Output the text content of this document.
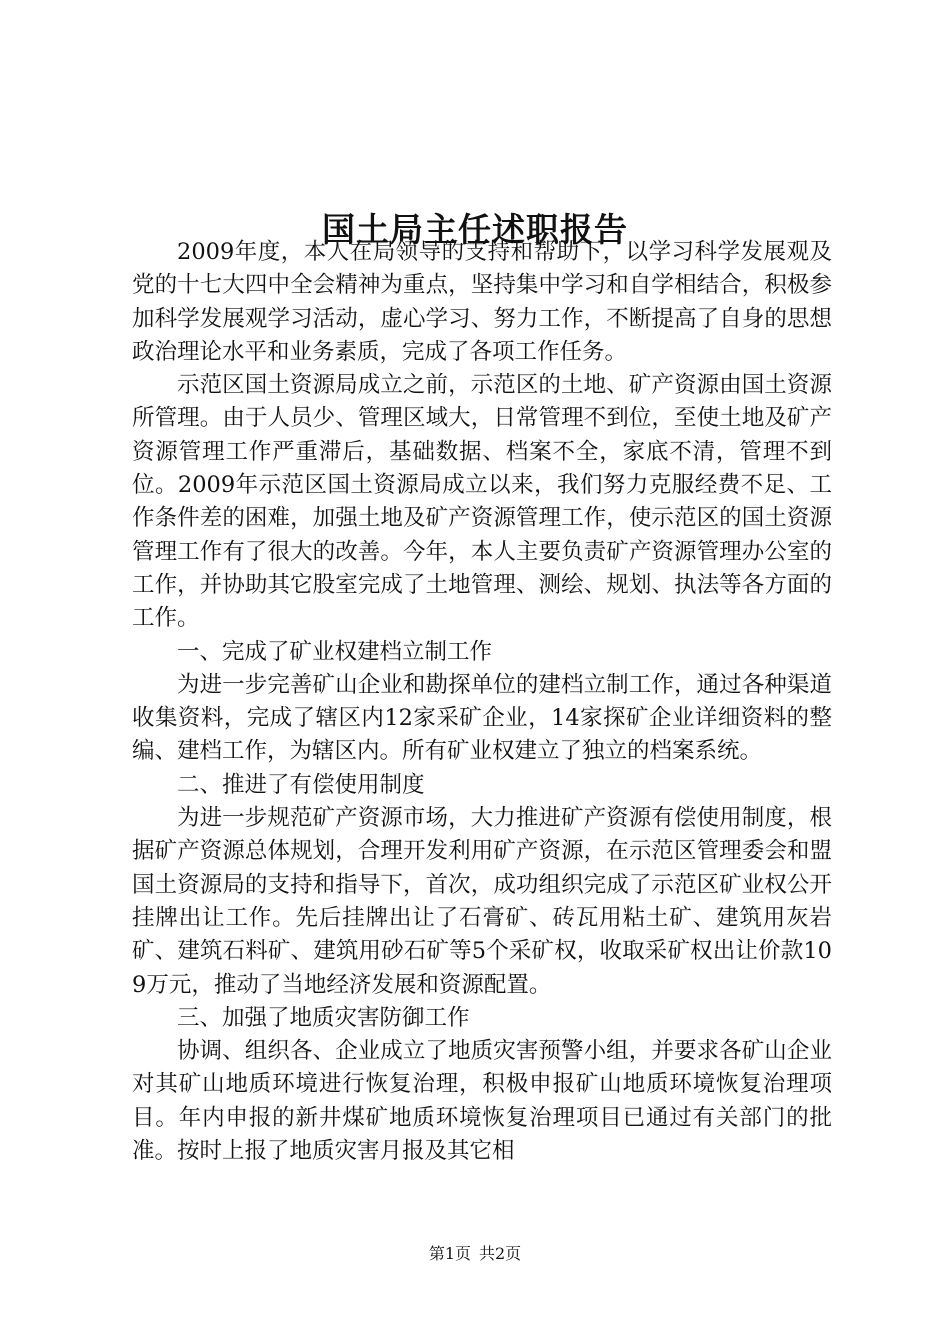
国土局主任述职报告

2009年度，本人在局领导的支持和帮助下，以学习科学发展观及党的十七大四中全会精神为重点，坚持集中学习和自学相结合，积极参加科学发展观学习活动，虚心学习、努力工作，不断提高了自身的思想政治理论水平和业务素质，完成了各项工作任务。

示范区国土资源局成立之前，示范区的土地、矿产资源由国土资源所管理。由于人员少、管理区域大，日常管理不到位，至使土地及矿产资源管理工作严重滞后，基础数据、档案不全，家底不清，管理不到位。2009年示范区国土资源局成立以来，我们努力克服经费不足、工作条件差的困难，加强土地及矿产资源管理工作，使示范区的国土资源管理工作有了很大的改善。今年，本人主要负责矿产资源管理办公室的工作，并协助其它股室完成了土地管理、测绘、规划、执法等各方面的工作。

一、完成了矿业权建档立制工作

为进一步完善矿山企业和勘探单位的建档立制工作，通过各种渠道收集资料，完成了辖区内12家采矿企业，14家探矿企业详细资料的整编、建档工作，为辖区内。所有矿业权建立了独立的档案系统。

二、推进了有偿使用制度

为进一步规范矿产资源市场，大力推进矿产资源有偿使用制度，根据矿产资源总体规划，合理开发利用矿产资源，在示范区管理委会和盟国土资源局的支持和指导下，首次，成功组织完成了示范区矿业权公开挂牌出让工作。先后挂牌出让了石膏矿、砖瓦用粘土矿、建筑用灰岩矿、建筑石料矿、建筑用砂石矿等5个采矿权，收取采矿权出让价款109万元，推动了当地经济发展和资源配置。

三、加强了地质灾害防御工作

协调、组织各、企业成立了地质灾害预警小组，并要求各矿山企业对其矿山地质环境进行恢复治理，积极申报矿山地质环境恢复治理项目。年内申报的新井煤矿地质环境恢复治理项目已通过有关部门的批准。按时上报了地质灾害月报及其它相

第1页 共2页
